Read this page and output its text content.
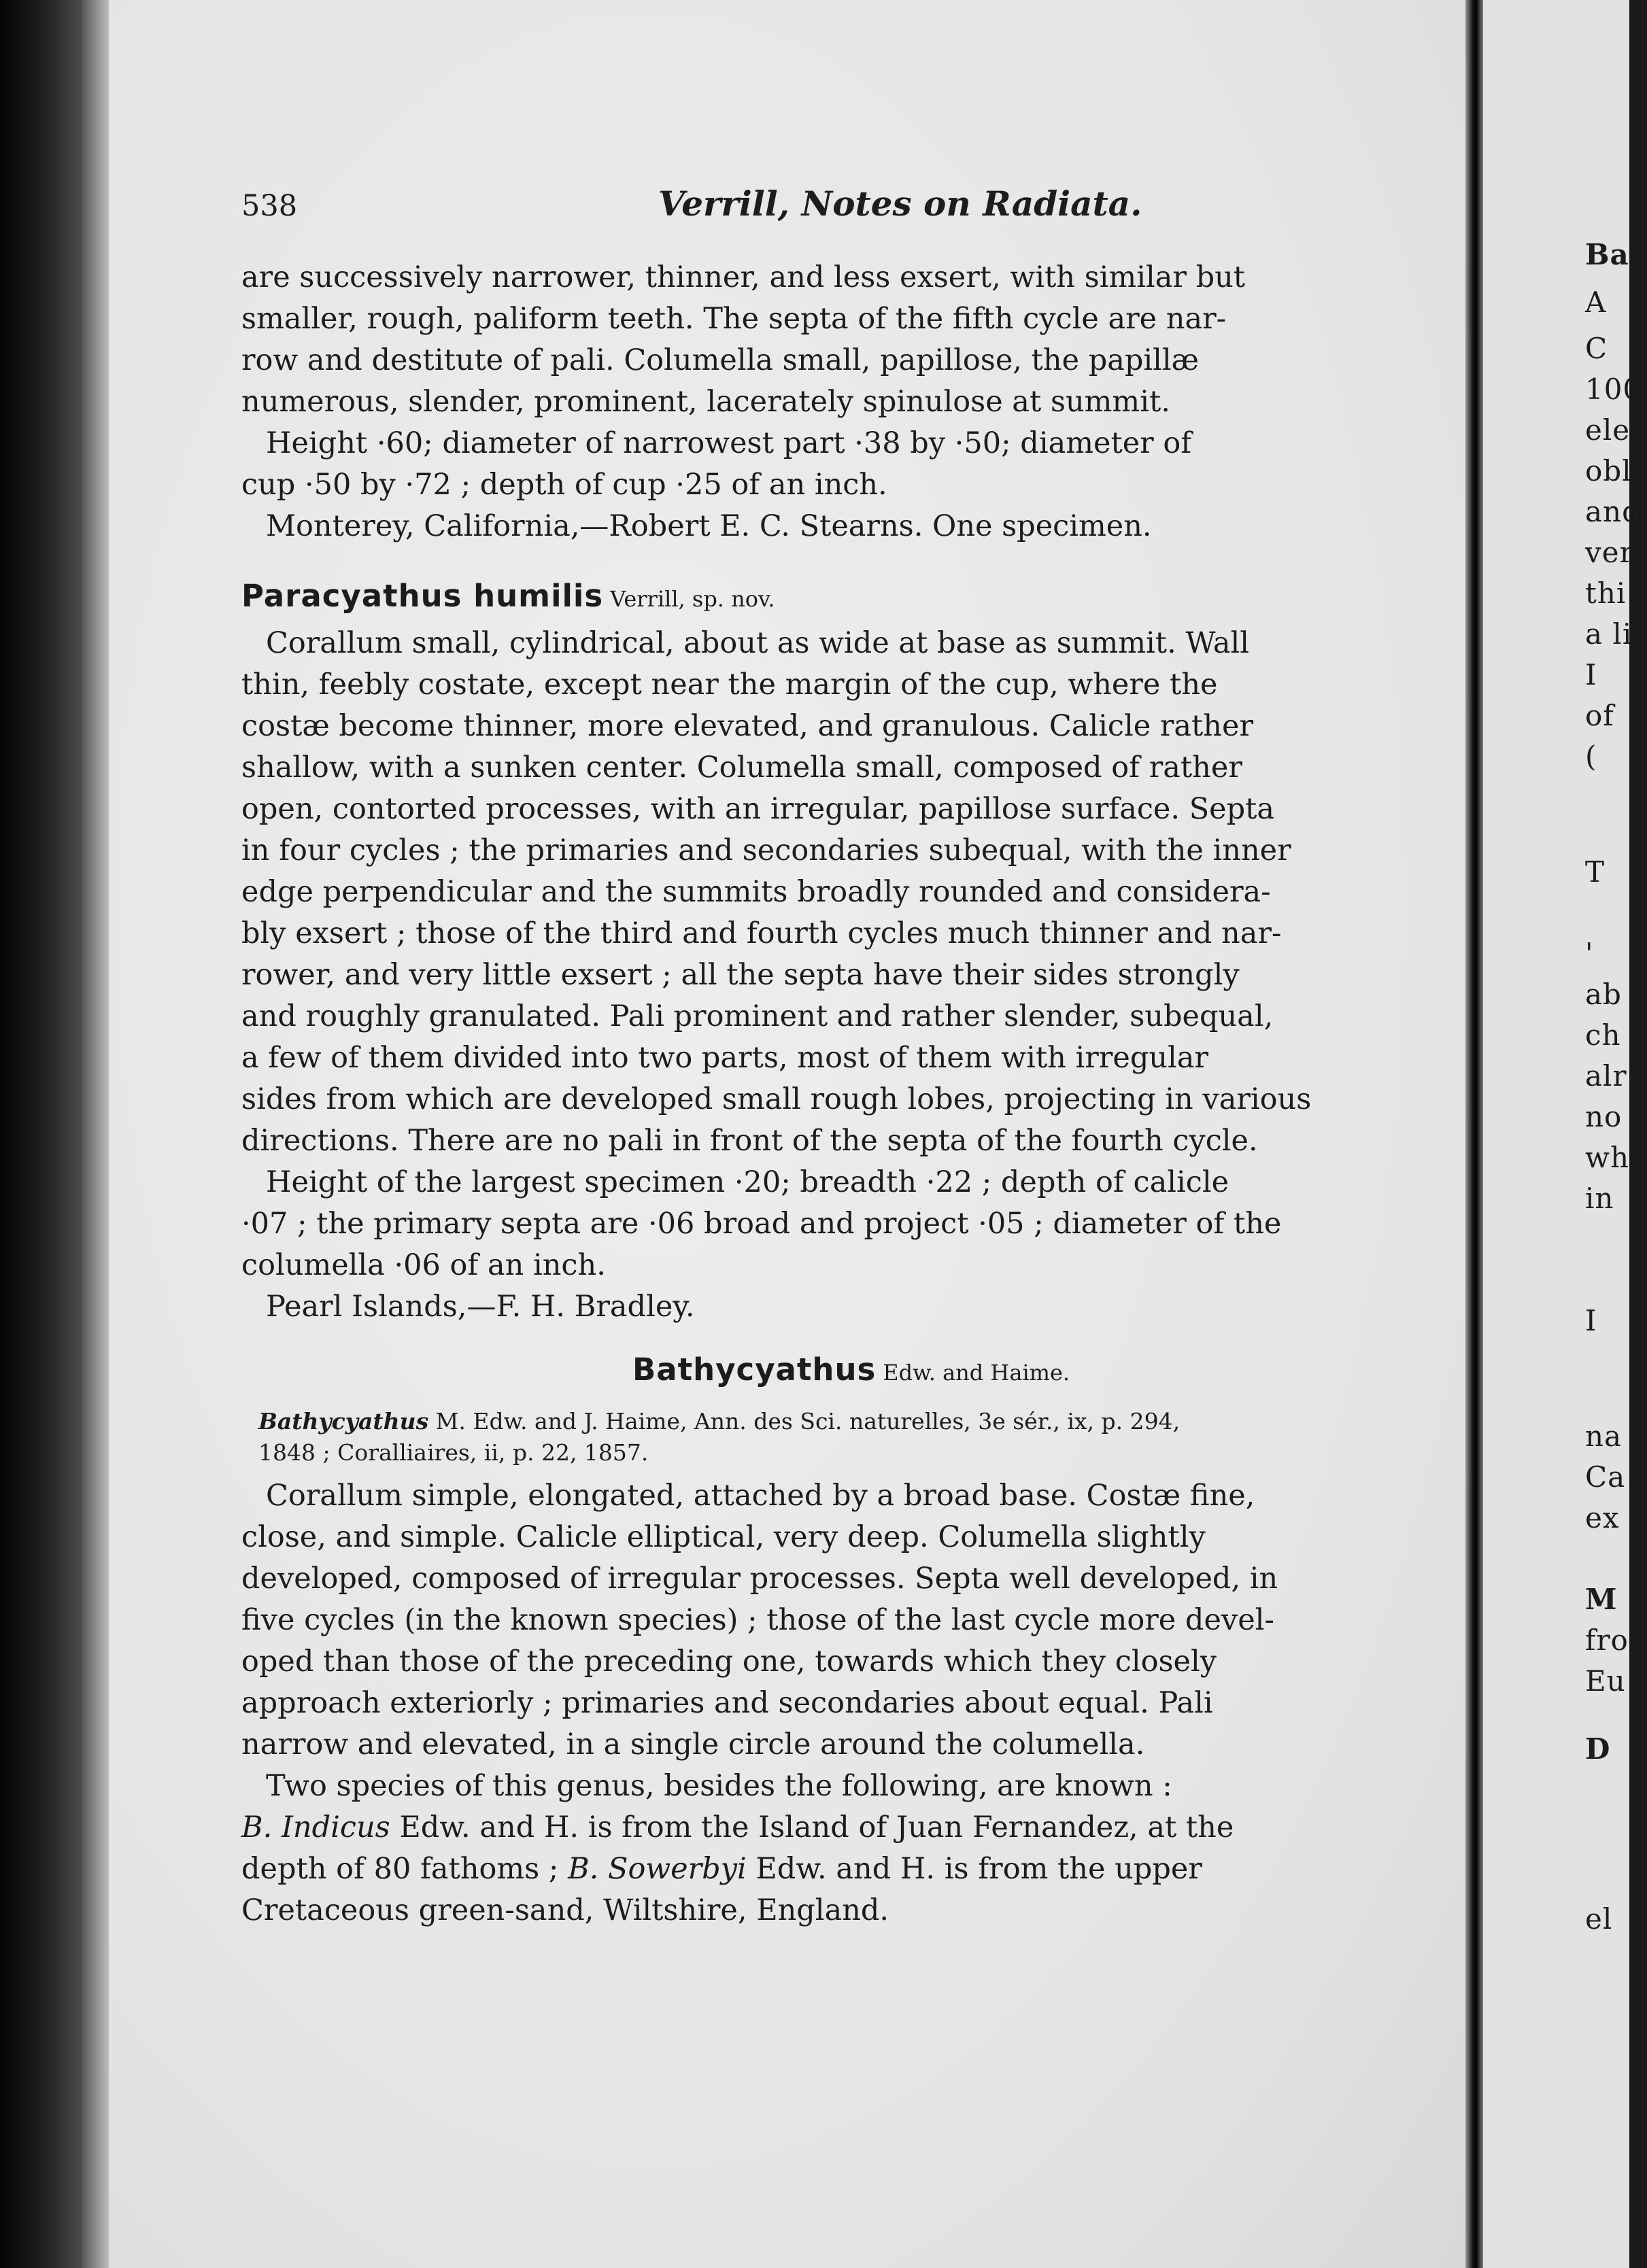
Ba
A
C
100
elev
obl
and
ver
thi
a li
I
of
(
T
'
ab
ch
alr
no
wh
in
I
na
Ca
ex
M
fro
Eu
D
el
538	Verrill, Notes on Radiata.

are successively narrower, thinner, and less exsert, with similar but

smaller, rough, paliform teeth. The septa of the fifth cycle are nar-

row and destitute of pali. Columella small, papillose, the papillæ

numerous, slender, prominent, lacerately spinulose at summit.

Height ·60; diameter of narrowest part ·38 by ·50; diameter of

cup ·50 by ·72 ; depth of cup ·25 of an inch.

Monterey, California,—Robert E. C. Stearns. One specimen.

Paracyathus humilis Verrill, sp. nov.

Corallum small, cylindrical, about as wide at base as summit. Wall

thin, feebly costate, except near the margin of the cup, where the

costæ become thinner, more elevated, and granulous. Calicle rather

shallow, with a sunken center. Columella small, composed of rather

open, contorted processes, with an irregular, papillose surface. Septa

in four cycles ; the primaries and secondaries subequal, with the inner

edge perpendicular and the summits broadly rounded and considera-

bly exsert ; those of the third and fourth cycles much thinner and nar-

rower, and very little exsert ; all the septa have their sides strongly

and roughly granulated. Pali prominent and rather slender, subequal,

a few of them divided into two parts, most of them with irregular

sides from which are developed small rough lobes, projecting in various

directions. There are no pali in front of the septa of the fourth cycle.

Height of the largest specimen ·20; breadth ·22 ; depth of calicle

·07 ; the primary septa are ·06 broad and project ·05 ; diameter of the

columella ·06 of an inch.

Pearl Islands,—F. H. Bradley.

Bathycyathus Edw. and Haime.

Bathycyathus M. Edw. and J. Haime, Ann. des Sci. naturelles, 3e sér., ix, p. 294,

1848 ; Coralliaires, ii, p. 22, 1857.

Corallum simple, elongated, attached by a broad base. Costæ fine,

close, and simple. Calicle elliptical, very deep. Columella slightly

developed, composed of irregular processes. Septa well developed, in

five cycles (in the known species) ; those of the last cycle more devel-

oped than those of the preceding one, towards which they closely

approach exteriorly ; primaries and secondaries about equal. Pali

narrow and elevated, in a single circle around the columella.

Two species of this genus, besides the following, are known :

B. Indicus Edw. and H. is from the Island of Juan Fernandez, at the

depth of 80 fathoms ; B. Sowerbyi Edw. and H. is from the upper

Cretaceous green-sand, Wiltshire, England.
